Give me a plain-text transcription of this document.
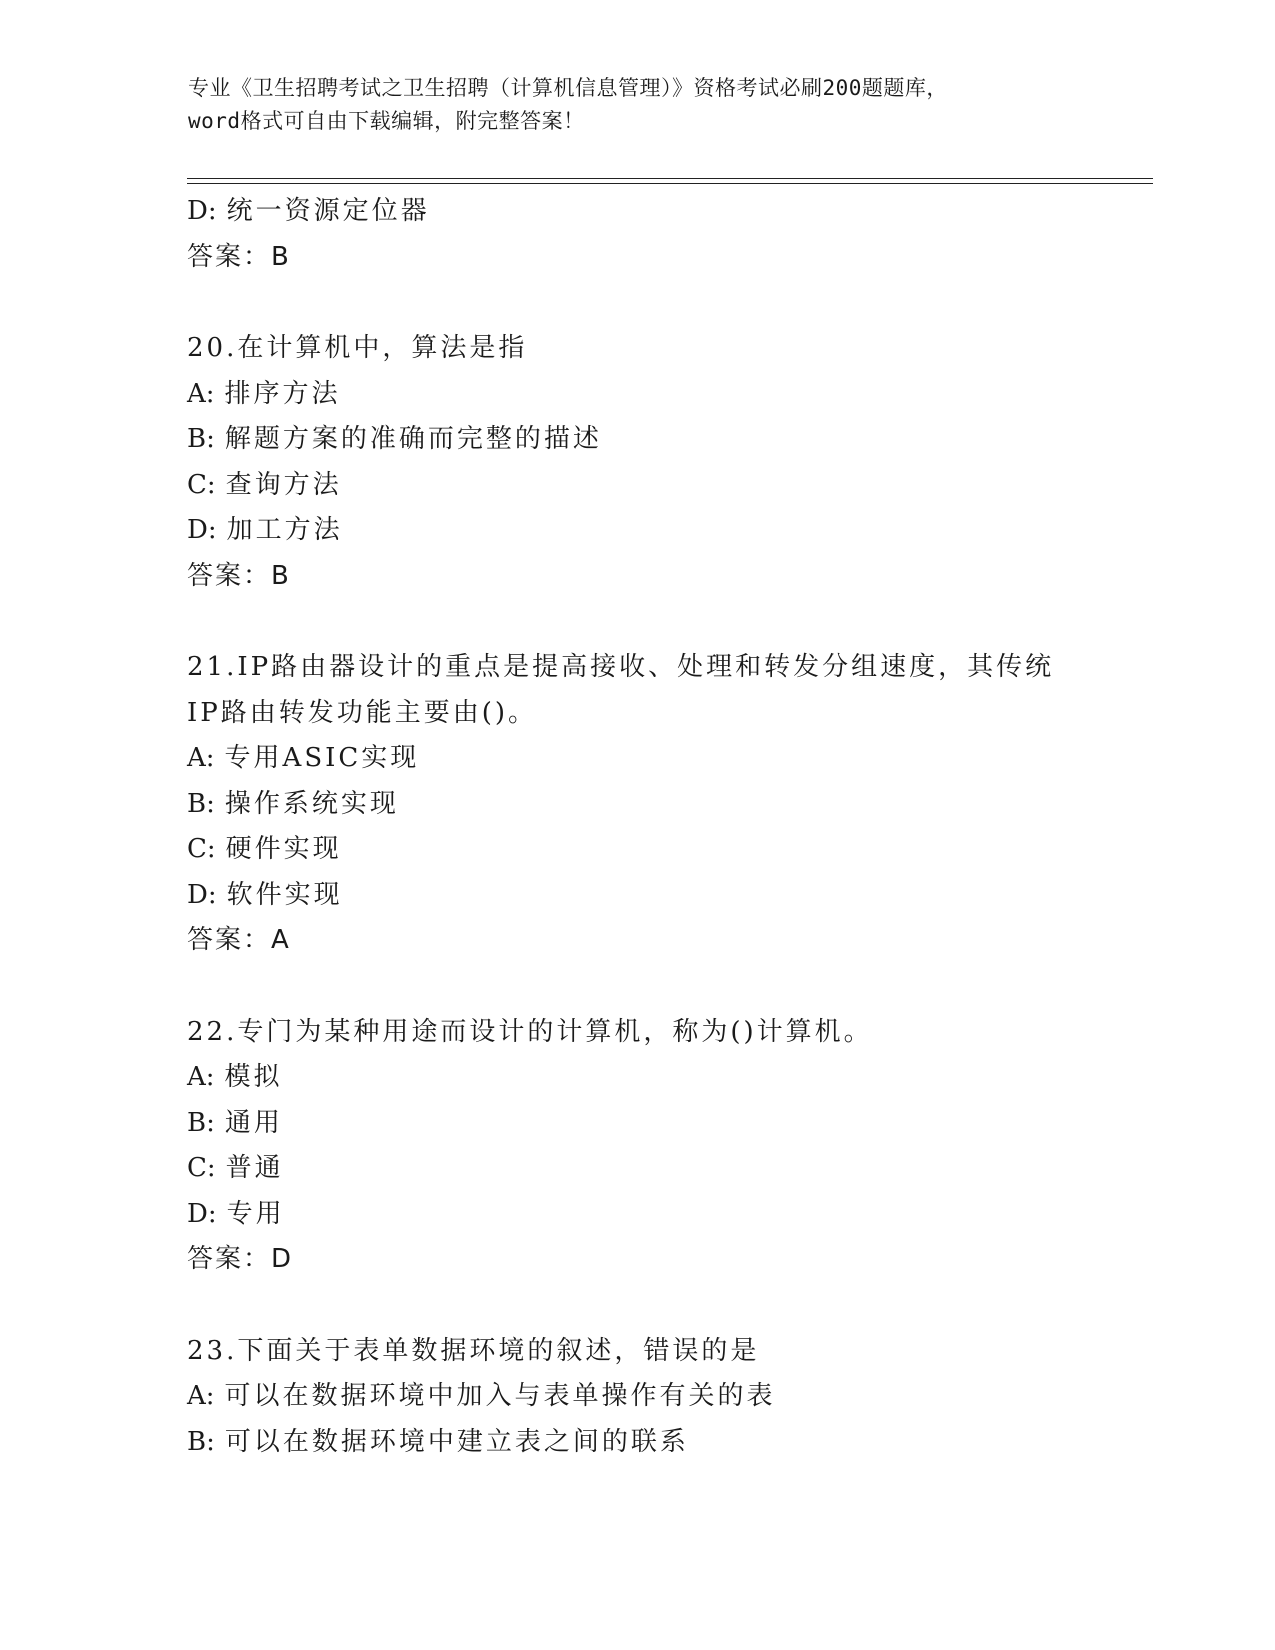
专业《卫生招聘考试之卫生招聘（计算机信息管理）》资格考试必刷200题题库，
word格式可自由下载编辑，附完整答案！
D: 统一资源定位器
答案：B
20.在计算机中，算法是指
A: 排序方法
B: 解题方案的准确而完整的描述
C: 查询方法
D: 加工方法
答案：B
21.IP路由器设计的重点是提高接收、处理和转发分组速度，其传统
IP路由转发功能主要由()。
A: 专用ASIC实现
B: 操作系统实现
C: 硬件实现
D: 软件实现
答案：A
22.专门为某种用途而设计的计算机，称为()计算机。
A: 模拟
B: 通用
C: 普通
D: 专用
答案：D
23.下面关于表单数据环境的叙述，错误的是
A: 可以在数据环境中加入与表单操作有关的表
B: 可以在数据环境中建立表之间的联系
